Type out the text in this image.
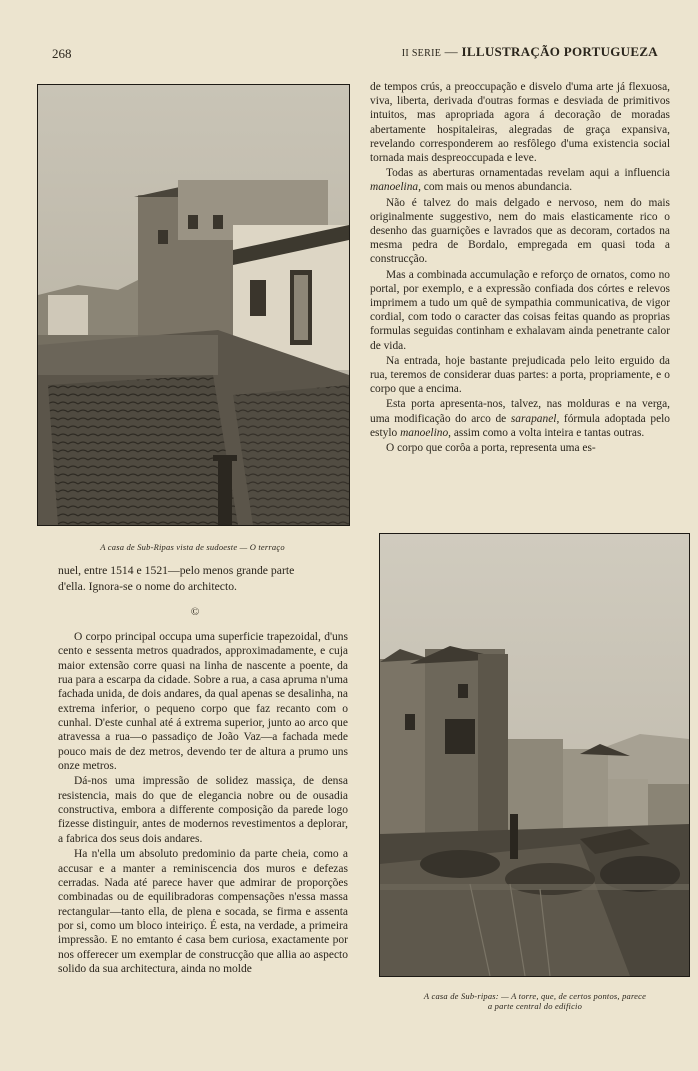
268	II SERIE — ILLUSTRAÇÃO PORTUGUEZA
A casa de Sub-Ripas vista de sudoeste — O terraço

nuel, entre 1514 e 1521—pelo menos grande parte

d'ella. Ignora-se o nome do architecto.

©

O corpo principal occupa uma superficie trapezoidal, d'uns cento e sessenta metros quadrados, approximadamente, e cuja maior extensão corre quasi na linha de nascente a poente, da rua para a escarpa da cidade. Sobre a rua, a casa apruma n'uma fachada unida, de dois andares, da qual apenas se desalinha, na extrema inferior, o pequeno corpo que faz recanto com o cunhal. D'este cunhal até á extrema superior, junto ao arco que atravessa a rua—o passadiço de João Vaz—a fachada mede pouco mais de dez metros, devendo ter de altura a prumo uns onze metros.

Dá-nos uma impressão de solidez massiça, de densa resistencia, mais do que de elegancia nobre ou de ousadia constructiva, embora a differente composição da parede logo fizesse distinguir, antes de modernos revestimentos a deplorar, a fabrica dos seus dois andares.

Ha n'ella um absoluto predominio da parte cheia, como a accusar e a manter a reminiscencia dos muros e defezas cerradas. Nada até parece haver que admirar de proporções combinadas ou de equilibradoras compensações n'essa massa rectangular—tanto ella, de plena e socada, se firma e assenta por si, como um bloco inteiriço. É esta, na verdade, a primeira impressão. E no emtanto é casa bem curiosa, exactamente por nos offerecer um exemplar de construcção que allia ao aspecto solido da sua architectura, ainda no molde

de tempos crús, a preoccupação e disvelo d'uma arte já flexuosa, viva, liberta, derivada d'outras formas e desviada de primitivos intuitos, mas apropriada agora á decoração de moradas abertamente hospitaleiras, alegradas de graça expansiva, revelando corresponderem ao resfôlego d'uma existencia social tornada mais despreoccupada e leve.

Todas as aberturas ornamentadas revelam aqui a influencia manoelina, com mais ou menos abundancia.

Não é talvez do mais delgado e nervoso, nem do mais originalmente suggestivo, nem do mais elasticamente rico o desenho das guarnições e lavrados que as decoram, cortados na mesma pedra de Bordalo, empregada em quasi toda a construcção.

Mas a combinada accumulação e reforço de ornatos, como no portal, por exemplo, e a expressão confiada dos córtes e relevos imprimem a tudo um quê de sympathia communicativa, de vigor cordial, com todo o caracter das coisas feitas quando as proprias formulas seguidas continham e exhalavam ainda penetrante calor de vida.

Na entrada, hoje bastante prejudicada pelo leito erguido da rua, teremos de considerar duas partes: a porta, propriamente, e o corpo que a encima.

Esta porta apresenta-nos, talvez, nas molduras e na verga, uma modificação do arco de sarapanel, fórmula adoptada pelo estylo manoelino, assim como a volta inteira e tantas outras.

O corpo que corôa a porta, representa uma es-

A casa de Sub-ripas: — A torre, que, de certos pontos, parece
a parte central do edificio
